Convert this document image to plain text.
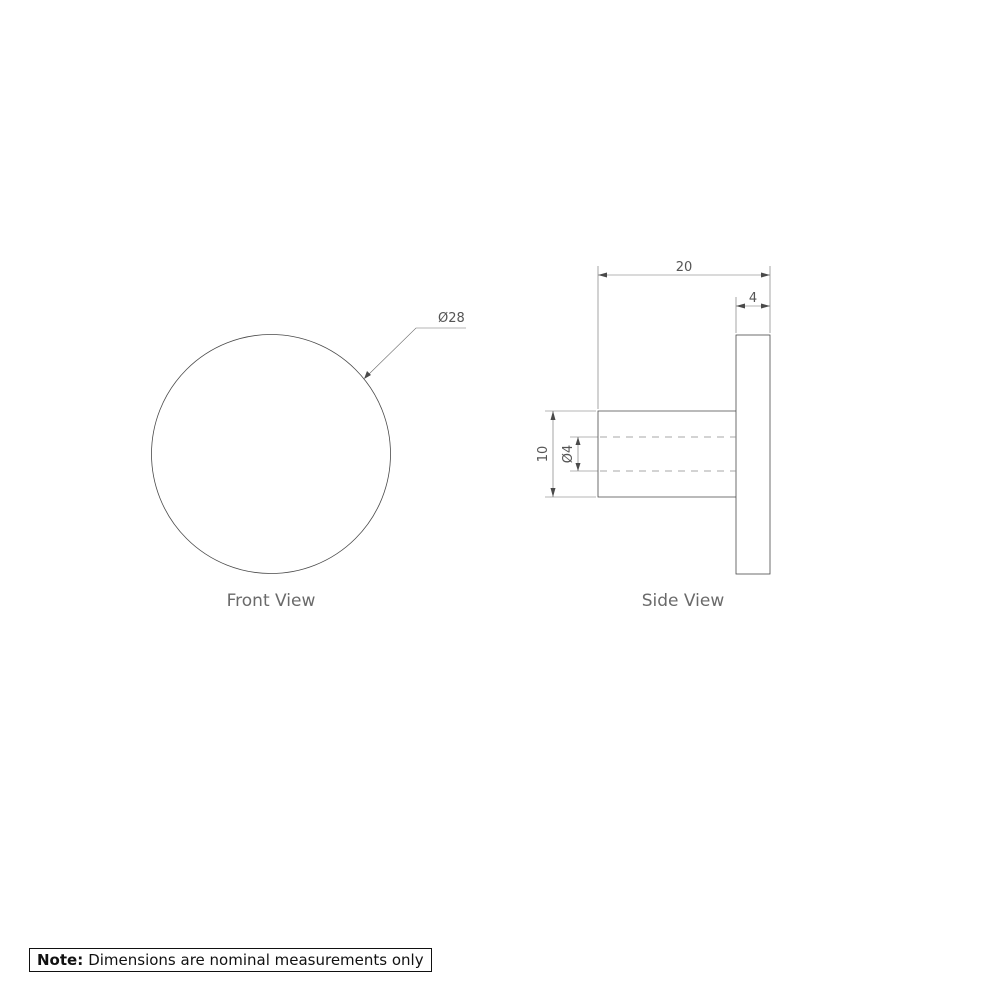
Ø28
Front View
20
4
10 Ø4
Side View
Note: Dimensions are nominal measurements only
